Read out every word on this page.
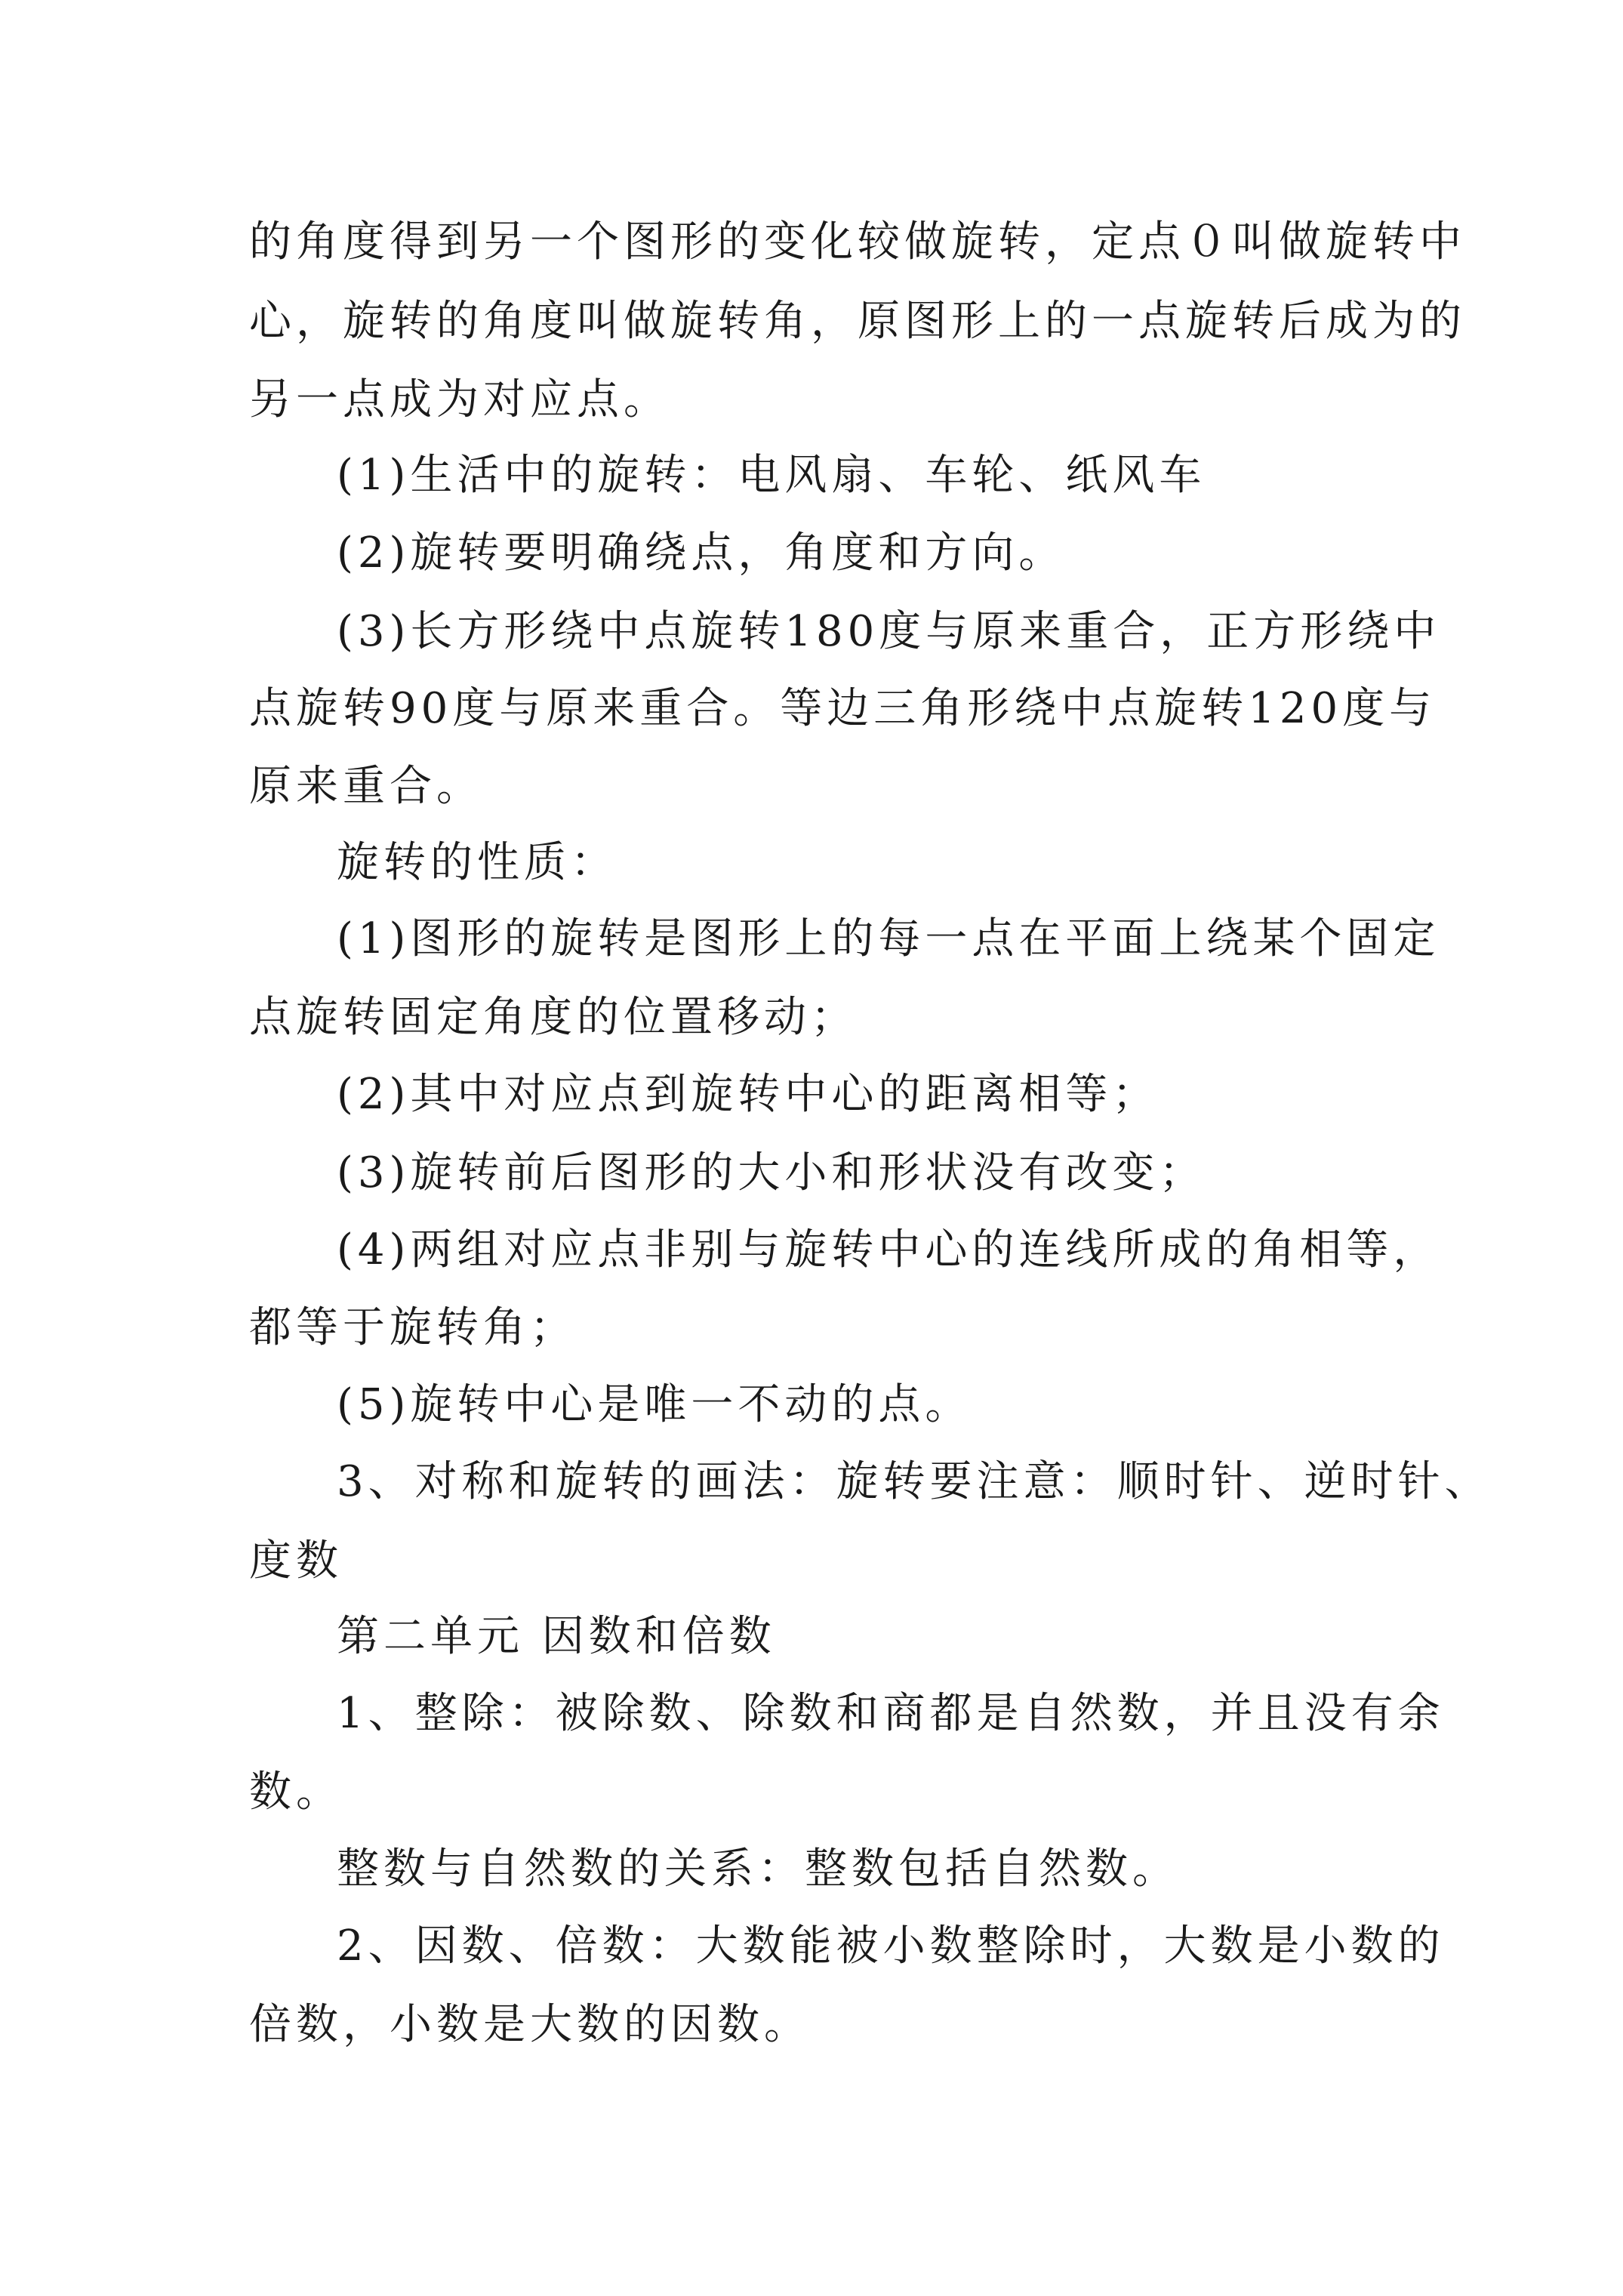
的角度得到另一个图形的变化较做旋转，定点０叫做旋转中
心，旋转的角度叫做旋转角，原图形上的一点旋转后成为的
另一点成为对应点。
(1)生活中的旋转：电风扇、车轮、纸风车
(2)旋转要明确绕点，角度和方向。
(3)长方形绕中点旋转180度与原来重合，正方形绕中
点旋转90度与原来重合。等边三角形绕中点旋转120度与
原来重合。
旋转的性质：
(1)图形的旋转是图形上的每一点在平面上绕某个固定
点旋转固定角度的位置移动；
(2)其中对应点到旋转中心的距离相等；
(3)旋转前后图形的大小和形状没有改变；
(4)两组对应点非别与旋转中心的连线所成的角相等，
都等于旋转角；
(5)旋转中心是唯一不动的点。
3、对称和旋转的画法：旋转要注意：顺时针、逆时针、
度数
第二单元 因数和倍数
1、整除：被除数、除数和商都是自然数，并且没有余
数。
整数与自然数的关系：整数包括自然数。
2、因数、倍数：大数能被小数整除时，大数是小数的
倍数，小数是大数的因数。
